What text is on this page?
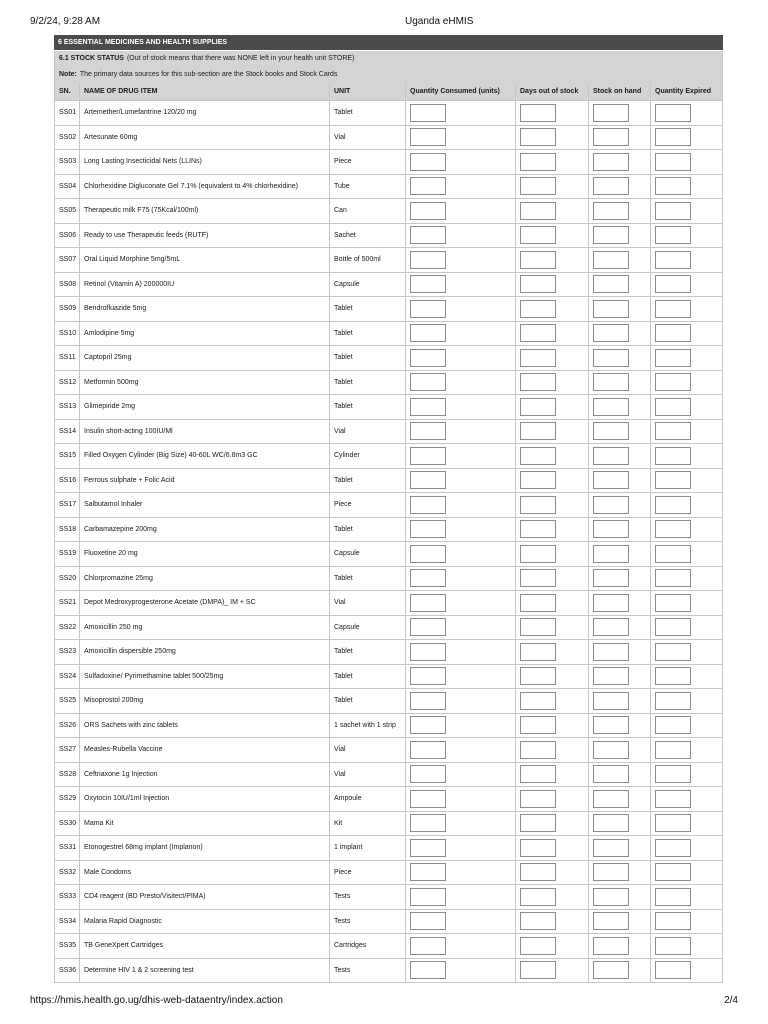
9/2/24, 9:28 AM	Uganda eHMIS
6 ESSENTIAL MEDICINES AND HEALTH SUPPLIES
6.1 STOCK STATUS (Out of stock means that there was NONE left in your health unit STORE)
Note: The primary data sources for this sub-section are the Stock books and Stock Cards
SN.	NAME OF DRUG ITEM	UNIT	Quantity Consumed (units)	Days out of stock	Stock on hand	Quantity Expired
SS01 Artemether/Lumefantrine 120/20 mg	Tablet
SS02 Artesunate 60mg	Vial
SS03 Long Lasting Insecticidal Nets (LLINs)	Piece
SS04 Chlorhexidine Digluconate Gel 7.1% (equivalent to 4% chlorhexidine)	Tube
SS05 Therapeutic milk F75 (75Kcal/100ml)	Can
SS06 Ready to use Therapeutic feeds (RUTF)	Sachet
SS07 Oral Liquid Morphine 5mg/5mL	Bottle of 500ml
SS08 Retinol (Vitamin A) 200000IU	Capsule
SS09 Bendrofluazide 5mg	Tablet
SS10 Amlodipine 5mg	Tablet
SS11 Captopril 25mg	Tablet
SS12 Metformin 500mg	Tablet
SS13 Glimepiride 2mg	Tablet
SS14 Insulin short-acting 100IU/Ml	Vial
SS15 Filled Oxygen Cylinder (Big Size) 40-60L WC/6.8m3 GC	Cylinder
SS16 Ferrous sulphate + Folic Acid	Tablet
SS17 Salbutamol Inhaler	Piece
SS18 Carbamazepine 200mg	Tablet
SS19 Fluoxetine 20 mg	Capsule
SS20 Chlorpromazine 25mg	Tablet
SS21 Depot Medroxyprogesterone Acetate (DMPA)_ IM + SC	Vial
SS22 Amoxicillin 250 mg	Capsule
SS23 Amoxicillin dispersible 250mg	Tablet
SS24 Sulfadoxine/ Pyrimethamine tablet 500/25mg	Tablet
SS25 Misoprostol 200mg	Tablet
SS26 ORS Sachets with zinc tablets	1 sachet with 1 strip
SS27 Measles-Rubella Vaccine	Vial
SS28 Ceftriaxone 1g Injection	Vial
SS29 Oxytocin 10IU/1ml Injection	Ampoule
SS30 Mama Kit	Kit
SS31 Etonogestrel 68mg implant (Implanon)	1 implant
SS32 Male Condoms	Piece
SS33 CD4 reagent (BD Presto/Visitect/PIMA)	Tests
SS34 Malaria Rapid Diagnostic	Tests
SS35 TB GeneXpert Cartridges	Cartridges
SS36 Determine HIV 1 & 2 screening test	Tests
https://hmis.health.go.ug/dhis-web-dataentry/index.action	2/4
